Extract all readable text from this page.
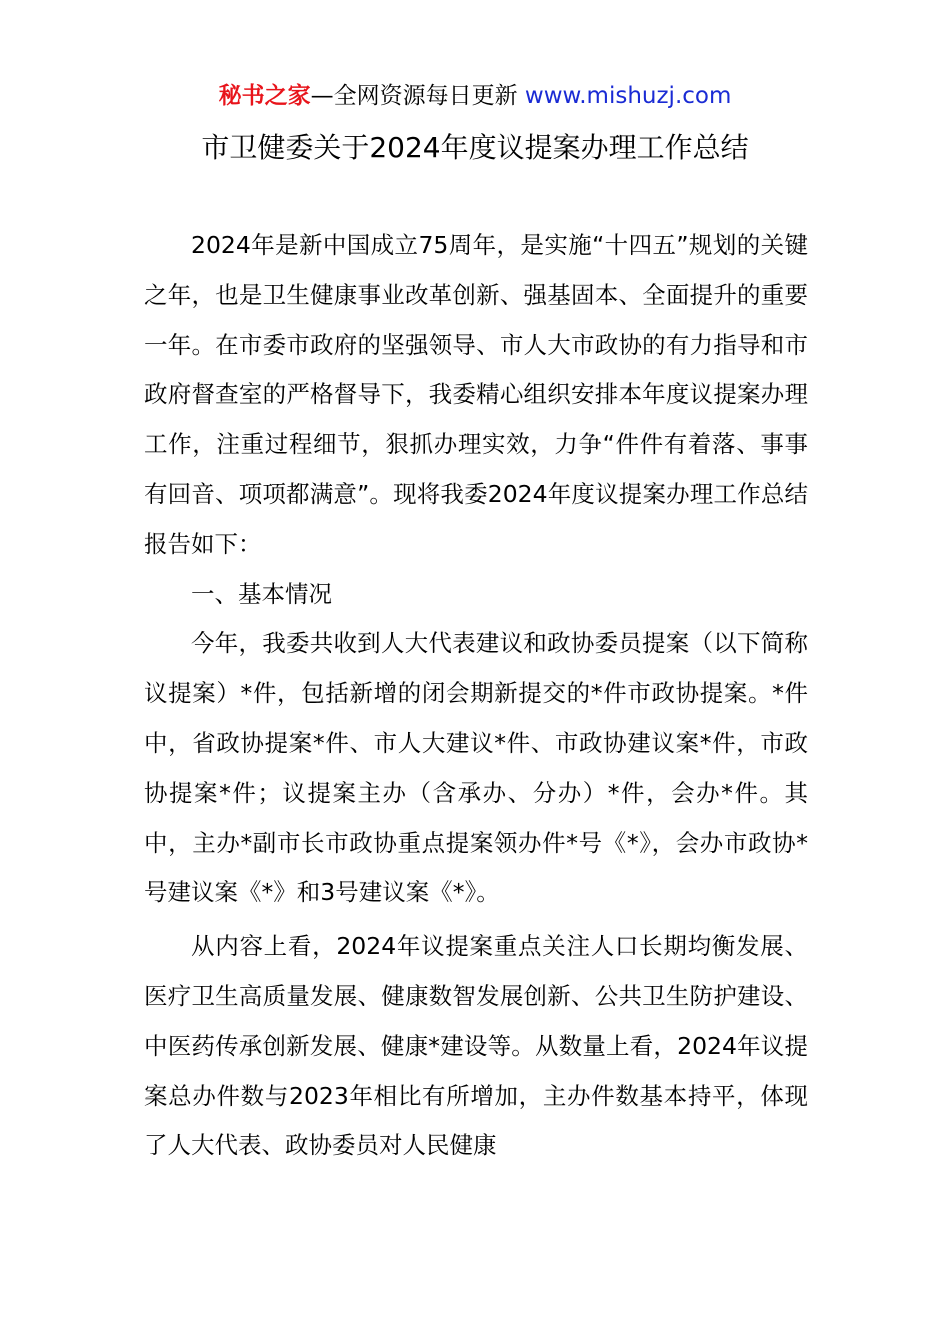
秘书之家—全网资源每日更新 www.mishuzj.com
市卫健委关于2024年度议提案办理工作总结

2024年是新中国成立75周年，是实施“十四五”规划的关键之年，也是卫生健康事业改革创新、强基固本、全面提升的重要一年。在市委市政府的坚强领导、市人大市政协的有力指导和市政府督查室的严格督导下，我委精心组织安排本年度议提案办理工作，注重过程细节，狠抓办理实效，力争“件件有着落、事事有回音、项项都满意”。现将我委2024年度议提案办理工作总结报告如下：

一、基本情况

今年，我委共收到人大代表建议和政协委员提案（以下简称议提案）*件，包括新增的闭会期新提交的*件市政协提案。*件中，省政协提案*件、市人大建议*件、市政协建议案*件，市政协提案*件；议提案主办（含承办、分办）*件，会办*件。其中，主办*副市长市政协重点提案领办件*号《*》，会办市政协*号建议案《*》和3号建议案《*》。

从内容上看，2024年议提案重点关注人口长期均衡发展、医疗卫生高质量发展、健康数智发展创新、公共卫生防护建设、中医药传承创新发展、健康*建设等。从数量上看，2024年议提案总办件数与2023年相比有所增加，主办件数基本持平，体现了人大代表、政协委员对人民健康
